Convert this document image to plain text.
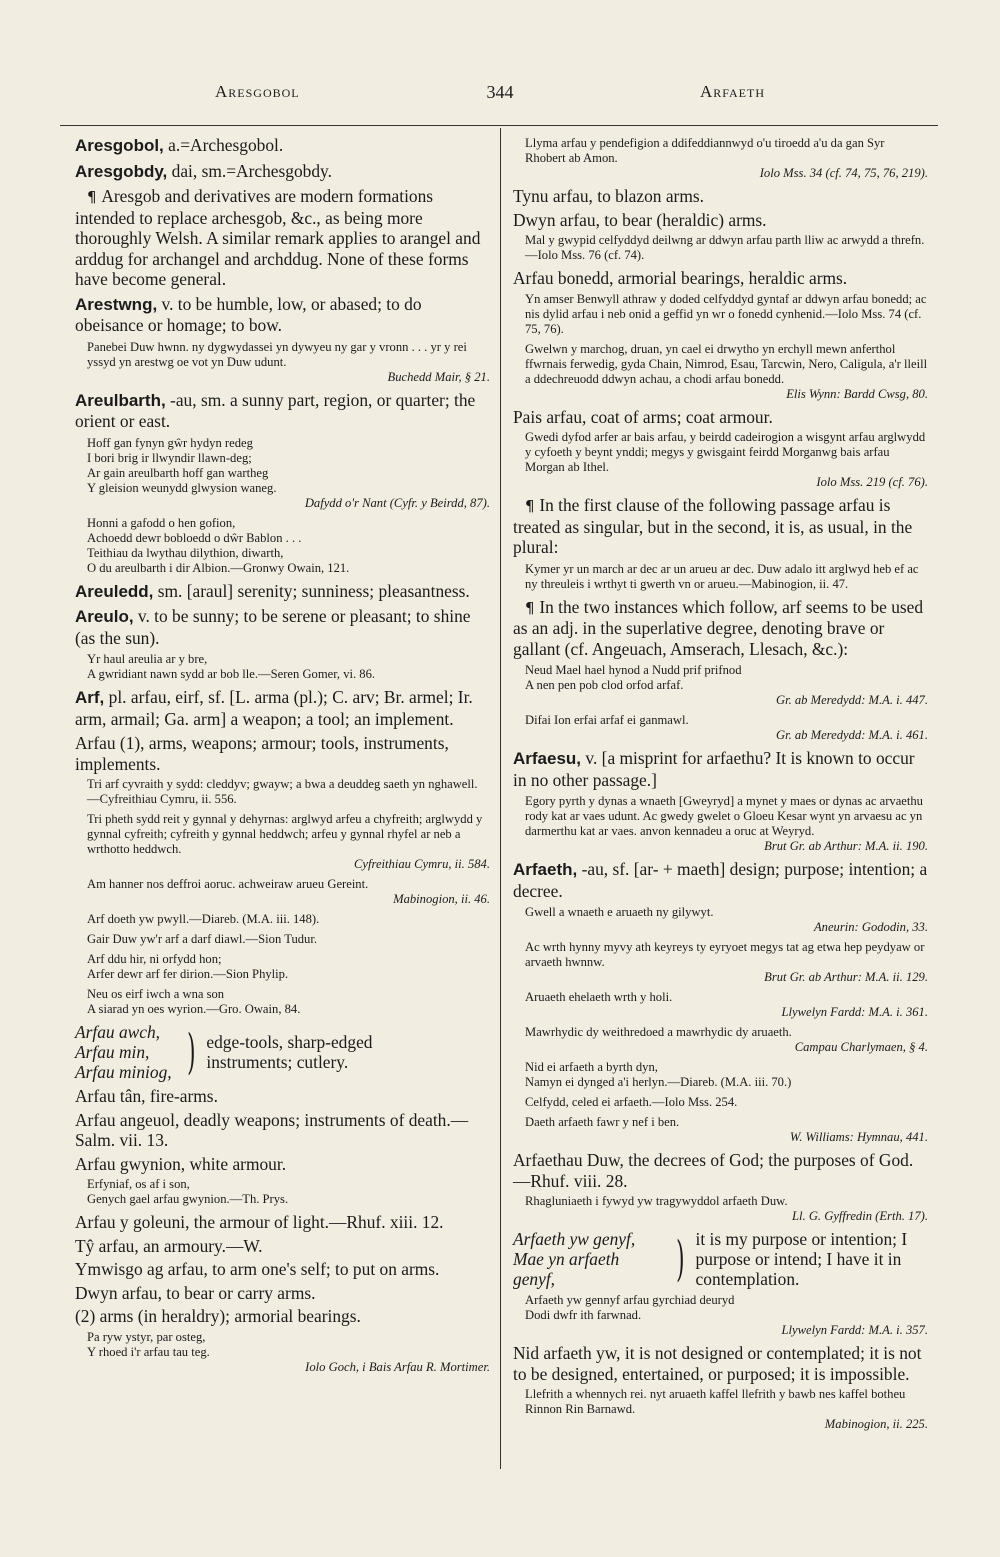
Aresgobol	344	Arfaeth
Aresgobol, a.=Archesgobol.
Aresgobdy, dai, sm.=Archesgobdy.
¶ Aresgob and derivatives are modern formations intended to replace archesgob, &c., as being more thoroughly Welsh. A similar remark applies to arangel and arddug for archangel and archddug. None of these forms have become general.
Arestwng, v. to be humble, low, or abased; to do obeisance or homage; to bow.
Panebei Duw hwnn. ny dygwydassei yn dywyeu ny gar y vronn . . . yr y rei yssyd yn arestwg oe vot yn Duw udunt.
Buchedd Mair, § 21.
Areulbarth, -au, sm. a sunny part, region, or quarter; the orient or east.
Hoff gan fynyn gŵr hydyn redeg
I bori brig ir llwyndir llawn-deg;
Ar gain areulbarth hoff gan wartheg
Y gleision weunydd glwysion waneg.
Dafydd o'r Nant (Cyfr. y Beirdd, 87).
Honni a gafodd o hen gofion,
Achoedd dewr bobloedd o dŵr Bablon . . .
Teithiau da lwythau dilythion, diwarth,
O du areulbarth i dir Albion.—Gronwy Owain, 121.
Areuledd, sm. [araul] serenity; sunniness; pleasantness.
Areulo, v. to be sunny; to be serene or pleasant; to shine (as the sun).
Yr haul areulia ar y bre,
A gwridiant nawn sydd ar bob lle.—Seren Gomer, vi. 86.
Arf, pl. arfau, eirf, sf. [L. arma (pl.); C. arv; Br. armel; Ir. arm, armail; Ga. arm] a weapon; a tool; an implement.
Arfau (1), arms, weapons; armour; tools, instruments, implements.
Tri arf cyvraith y sydd: cleddyv; gwayw; a bwa a deuddeg saeth yn nghawell.—Cyfreithiau Cymru, ii. 556.
Tri pheth sydd reit y gynnal y dehyrnas: arglwyd arfeu a chyfreith; arglwydd y gynnal cyfreith; cyfreith y gynnal heddwch; arfeu y gynnal rhyfel ar neb a wrthotto heddwch.
Cyfreithiau Cymru, ii. 584.
Am hanner nos deffroi aoruc. achweiraw arueu Gereint.
Mabinogion, ii. 46.
Arf doeth yw pwyll.—Diareb. (M.A. iii. 148).
Gair Duw yw'r arf a darf diawl.—Sion Tudur.
Arf ddu hir, ni orfydd hon;
Arfer dewr arf fer dirion.—Sion Phylip.
Neu os eirf iwch a wna son
A siarad yn oes wyrion.—Gro. Owain, 84.
Arfau awch,
Arfau min,
Arfau miniog, ) edge-tools, sharp-edged instruments; cutlery.
Arfau tân, fire-arms.
Arfau angeuol, deadly weapons; instruments of death.—Salm. vii. 13.
Arfau gwynion, white armour.
Erfyniaf, os af i son,
Genych gael arfau gwynion.—Th. Prys.
Arfau y goleuni, the armour of light.—Rhuf. xiii. 12.
Tŷ arfau, an armoury.—W.
Ymwisgo ag arfau, to arm one's self; to put on arms.
Dwyn arfau, to bear or carry arms.
(2) arms (in heraldry); armorial bearings.
Pa ryw ystyr, par osteg,
Y rhoed i'r arfau tau teg.
Iolo Goch, i Bais Arfau R. Mortimer.
Llyma arfau y pendefigion a ddifeddiannwyd o'u tiroedd a'u da gan Syr Rhobert ab Amon.
Iolo Mss. 34 (cf. 74, 75, 76, 219).
Tynu arfau, to blazon arms.
Dwyn arfau, to bear (heraldic) arms.
Mal y gwypid celfyddyd deilwng ar ddwyn arfau parth lliw ac arwydd a threfn.—Iolo Mss. 76 (cf. 74).
Arfau bonedd, armorial bearings, heraldic arms.
Yn amser Benwyll athraw y doded celfyddyd gyntaf ar ddwyn arfau bonedd; ac nis dylid arfau i neb onid a geffid yn wr o fonedd cynhenid.—Iolo Mss. 74 (cf. 75, 76).
Gwelwn y marchog, druan, yn cael ei drwytho yn erchyll mewn anferthol ffwrnais ferwedig, gyda Chain, Nimrod, Esau, Tarcwin, Nero, Caligula, a'r lleill a ddechreuodd ddwyn achau, a chodi arfau bonedd.
Elis Wynn: Bardd Cwsg, 80.
Pais arfau, coat of arms; coat armour.
Gwedi dyfod arfer ar bais arfau, y beirdd cadeirogion a wisgynt arfau arglwydd y cyfoeth y beynt ynddi; megys y gwisgaint feirdd Morganwg bais arfau Morgan ab Ithel.
Iolo Mss. 219 (cf. 76).
¶ In the first clause of the following passage arfau is treated as singular, but in the second, it is, as usual, in the plural:
Kymer yr un march ar dec ar un arueu ar dec. Duw adalo itt arglwyd heb ef ac ny threuleis i wrthyt ti gwerth vn or arueu.—Mabinogion, ii. 47.
¶ In the two instances which follow, arf seems to be used as an adj. in the superlative degree, denoting brave or gallant (cf. Angeuach, Amserach, Llesach, &c.):
Neud Mael hael hynod a Nudd prif prifnod
A nen pen pob clod orfod arfaf.
Gr. ab Meredydd: M.A. i. 447.
Difai Ion erfai arfaf ei ganmawl.
Gr. ab Meredydd: M.A. i. 461.
Arfaesu, v. [a misprint for arfaethu? It is known to occur in no other passage.]
Egory pyrth y dynas a wnaeth [Gweyryd] a mynet y maes or dynas ac arvaethu rody kat ar vaes udunt. Ac gwedy gwelet o Gloeu Kesar wynt yn arvaesu ac yn darmerthu kat ar vaes. anvon kennadeu a oruc at Weyryd.
Brut Gr. ab Arthur: M.A. ii. 190.
Arfaeth, -au, sf. [ar- + maeth] design; purpose; intention; a decree.
Gwell a wnaeth e aruaeth ny gilywyt.
Aneurin: Gododin, 33.
Ac wrth hynny myvy ath keyreys ty eyryoet megys tat ag etwa hep peydyaw or arvaeth hwnnw.
Brut Gr. ab Arthur: M.A. ii. 129.
Aruaeth ehelaeth wrth y holi.
Llywelyn Fardd: M.A. i. 361.
Mawrhydic dy weithredoed a mawrhydic dy aruaeth.
Campau Charlymaen, § 4.
Nid ei arfaeth a byrth dyn,
Namyn ei dynged a'i herlyn.—Diareb. (M.A. iii. 70.)
Celfydd, celed ei arfaeth.—Iolo Mss. 254.
Daeth arfaeth fawr y nef i ben.
W. Williams: Hymnau, 441.
Arfaethau Duw, the decrees of God; the purposes of God.—Rhuf. viii. 28.
Rhagluniaeth i fywyd yw tragywyddol arfaeth Duw.
Ll. G. Gyffredin (Erth. 17).
Arfaeth yw genyf,
Mae yn arfaeth genyf,	) it is my purpose or intention; I purpose or intend; I have it in contemplation.
Arfaeth yw gennyf arfau gyrchiad deuryd
Dodi dwfr ith farwnad.
Llywelyn Fardd: M.A. i. 357.
Nid arfaeth yw, it is not designed or contemplated; it is not to be designed, entertained, or purposed; it is impossible.
Llefrith a whennych rei. nyt aruaeth kaffel llefrith y bawb nes kaffel botheu Rinnon Rin Barnawd.
Mabinogion, ii. 225.
